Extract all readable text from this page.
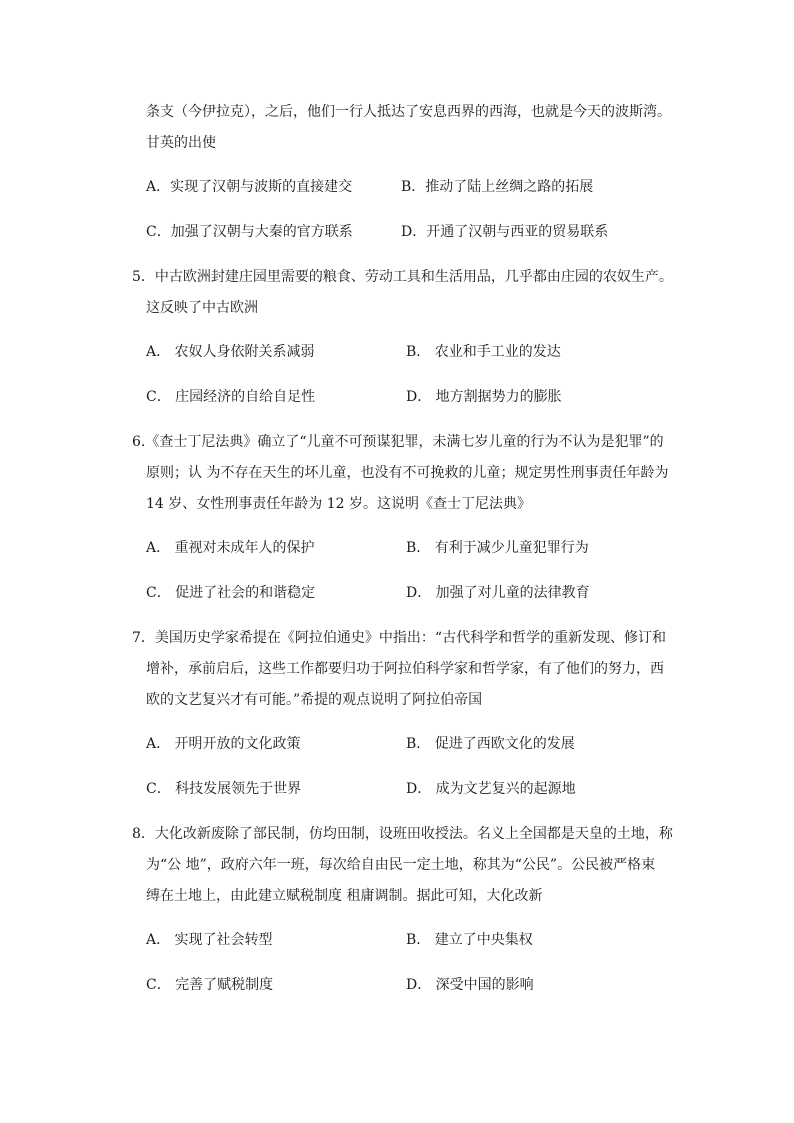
条支（今伊拉克），之后，他们一行人抵达了安息西界的西海，也就是今天的波斯湾。
甘英的出使
A．实现了汉朝与波斯的直接建交	B．推动了陆上丝绸之路的拓展
C．加强了汉朝与大秦的官方联系	D．开通了汉朝与西亚的贸易联系
5．中古欧洲封建庄园里需要的粮食、劳动工具和生活用品，几乎都由庄园的农奴生产。
这反映了中古欧洲
A． 农奴人身依附关系减弱	B． 农业和手工业的发达
C． 庄园经济的自给自足性	D． 地方割据势力的膨胀
6.《查士丁尼法典》确立了“儿童不可预谋犯罪，未满七岁儿童的行为不认为是犯罪”的
原则；认 为不存在天生的坏儿童，也没有不可挽救的儿童；规定男性刑事责任年龄为
14 岁、女性刑事责任年龄为 12 岁。这说明《查士丁尼法典》
A． 重视对未成年人的保护	B． 有利于减少儿童犯罪行为
C． 促进了社会的和谐稳定	D． 加强了对儿童的法律教育
7．美国历史学家希提在《阿拉伯通史》中指出：“古代科学和哲学的重新发现、修订和
增补，承前启后，这些工作都要归功于阿拉伯科学家和哲学家，有了他们的努力，西
欧的文艺复兴才有可能。”希提的观点说明了阿拉伯帝国
A． 开明开放的文化政策	B． 促进了西欧文化的发展
C． 科技发展领先于世界	D． 成为文艺复兴的起源地
8．大化改新废除了部民制，仿均田制，设班田收授法。名义上全国都是天皇的土地，称
为“公 地”，政府六年一班，每次给自由民一定土地，称其为“公民”。公民被严格束
缚在土地上，由此建立赋税制度 租庸调制。据此可知，大化改新
A． 实现了社会转型	B． 建立了中央集权
C． 完善了赋税制度	D． 深受中国的影响
